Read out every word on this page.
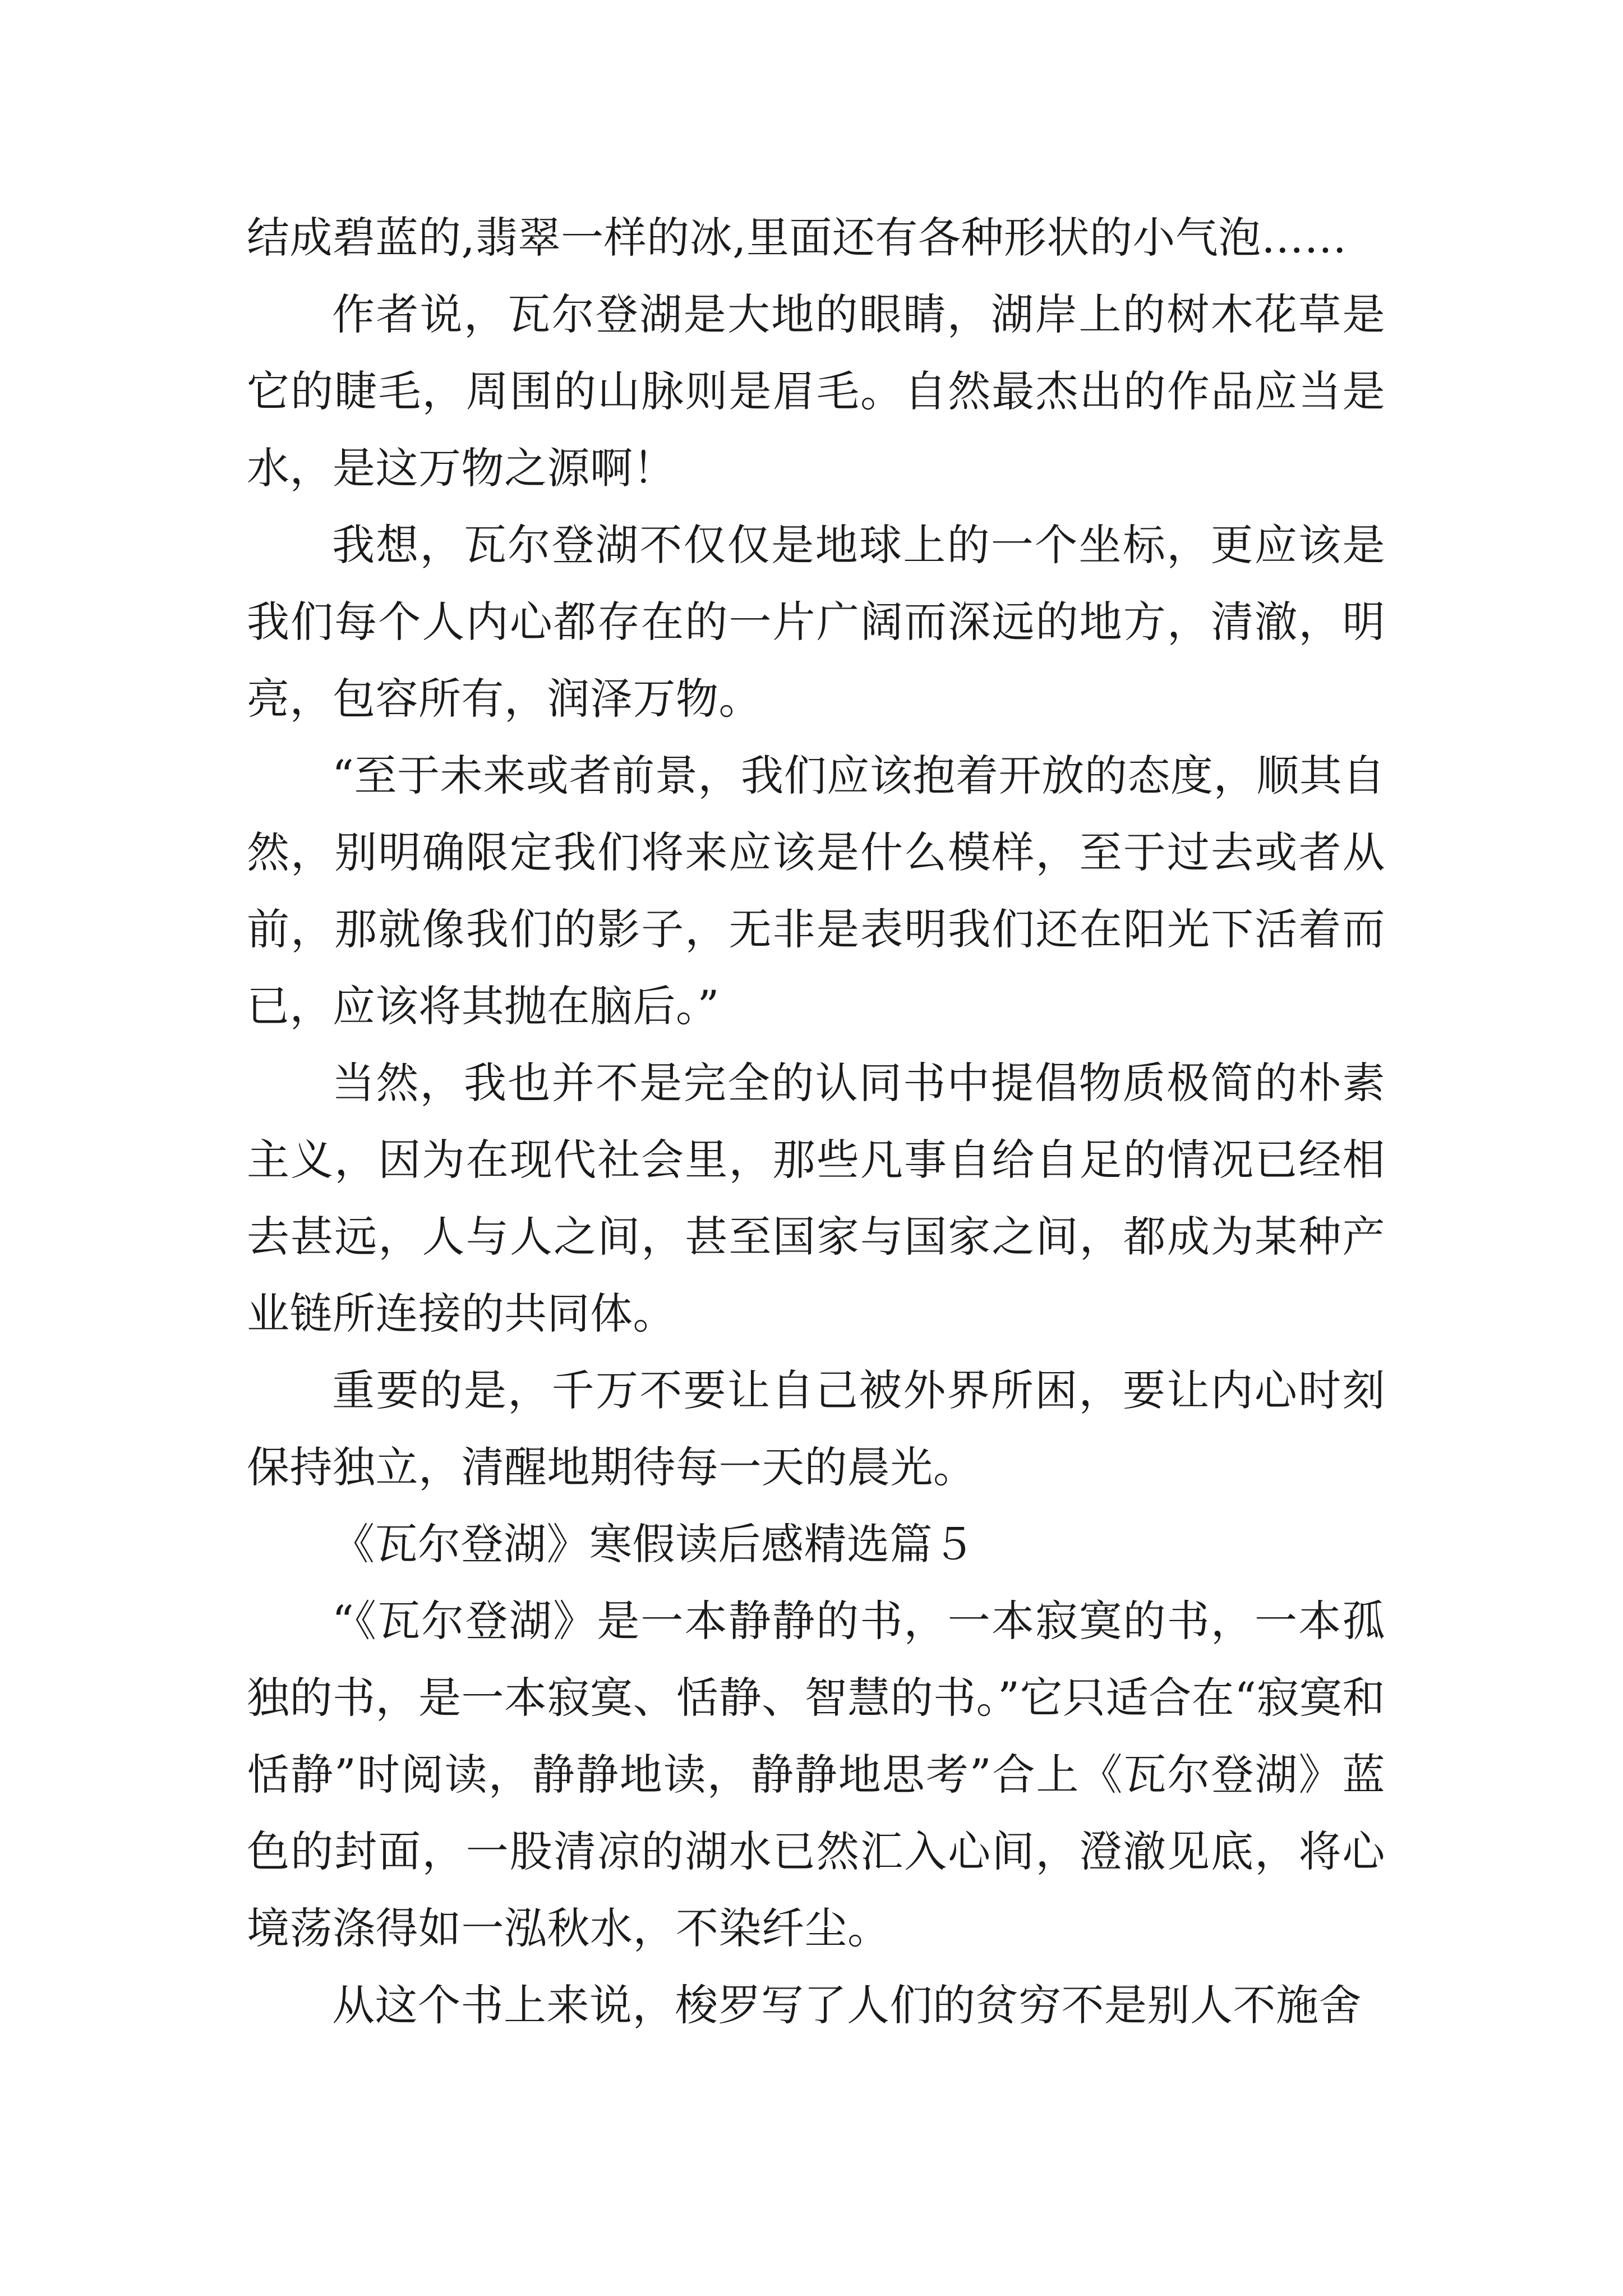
结成碧蓝的,翡翠一样的冰,里面还有各种形状的小气泡……

作者说，瓦尔登湖是大地的眼睛，湖岸上的树木花草是它的睫毛，周围的山脉则是眉毛。自然最杰出的作品应当是水，是这万物之源啊！

我想，瓦尔登湖不仅仅是地球上的一个坐标，更应该是我们每个人内心都存在的一片广阔而深远的地方，清澈，明亮，包容所有，润泽万物。

“至于未来或者前景，我们应该抱着开放的态度，顺其自然，别明确限定我们将来应该是什么模样，至于过去或者从前，那就像我们的影子，无非是表明我们还在阳光下活着而已，应该将其抛在脑后。”

当然，我也并不是完全的认同书中提倡物质极简的朴素主义，因为在现代社会里，那些凡事自给自足的情况已经相去甚远，人与人之间，甚至国家与国家之间，都成为某种产业链所连接的共同体。

重要的是，千万不要让自己被外界所困，要让内心时刻保持独立，清醒地期待每一天的晨光。

《瓦尔登湖》寒假读后感精选篇５

“《瓦尔登湖》是一本静静的书，一本寂寞的书，一本孤独的书，是一本寂寞、恬静、智慧的书。”它只适合在“寂寞和恬静”时阅读，静静地读，静静地思考”合上《瓦尔登湖》蓝色的封面，一股清凉的湖水已然汇入心间，澄澈见底，将心境荡涤得如一泓秋水，不染纤尘。

从这个书上来说，梭罗写了人们的贫穷不是别人不施舍
